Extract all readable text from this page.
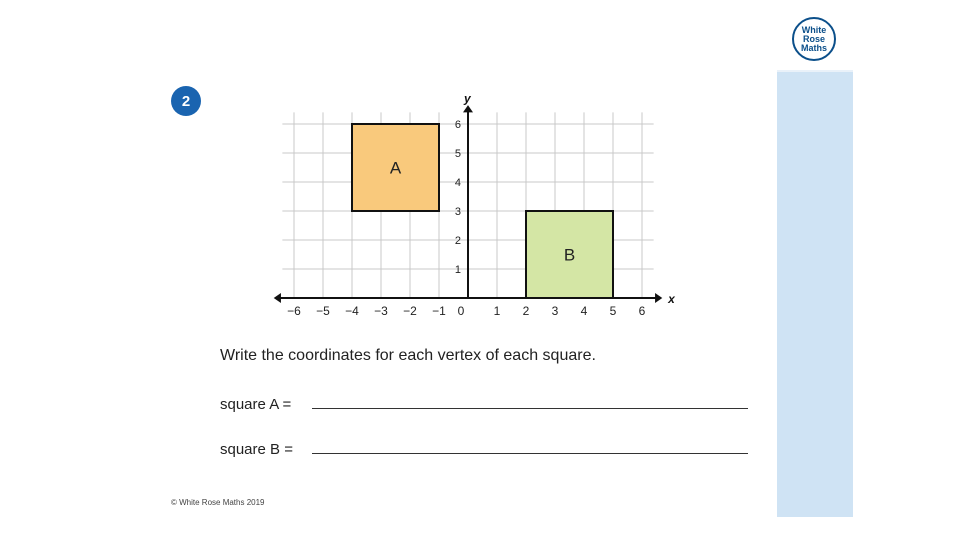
White
Rose
Maths
2
A
B
x
y
−6 −5 −4 −3 −2 −1 0 1 2 3 4 5 6
1
2
3
4
5
6
Write the coordinates for each vertex of each square.
square A =
square B =
© White Rose Maths 2019
